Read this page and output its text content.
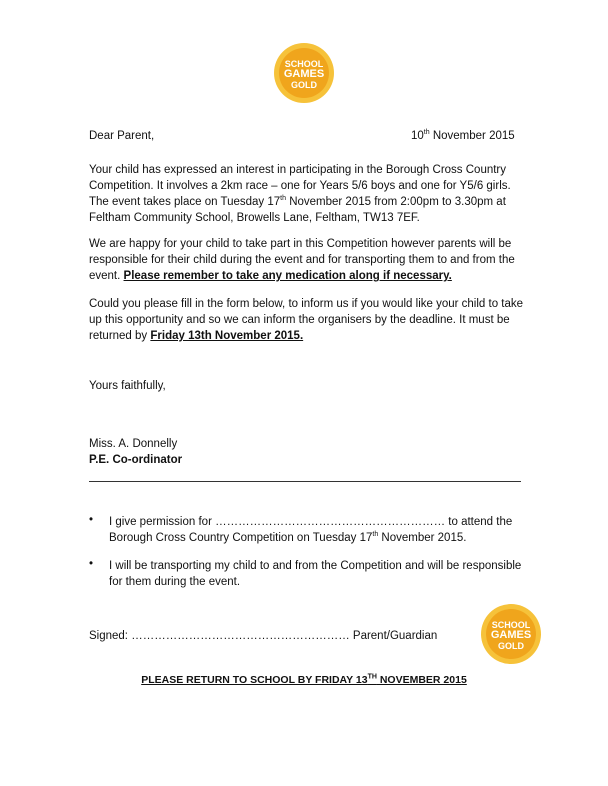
SCHOOL
GAMES
GOLD
Dear Parent,	10th November 2015

Your child has expressed an interest in participating in the Borough Cross Country Competition. It involves a 2km race – one for Years 5/6 boys and one for Y5/6 girls. The event takes place on Tuesday 17th November 2015 from 2:00pm to 3.30pm at Feltham Community School, Browells Lane, Feltham, TW13 7EF.

We are happy for your child to take part in this Competition however parents will be responsible for their child during the event and for transporting them to and from the event. Please remember to take any medication along if necessary.

Could you please fill in the form below, to inform us if you would like your child to take up this opportunity and so we can inform the organisers by the deadline. It must be returned by Friday 13th November 2015.

Yours faithfully,
Miss. A. Donnelly
P.E. Co-ordinator
•	I give permission for …………………………………………………… to attend the Borough Cross Country Competition on Tuesday 17th November 2015.

•	I will be transporting my child to and from the Competition and will be responsible for them during the event.

Signed: ………………………………………………… Parent/Guardian
SCHOOL
GAMES
GOLD
PLEASE RETURN TO SCHOOL BY FRIDAY 13TH NOVEMBER 2015
